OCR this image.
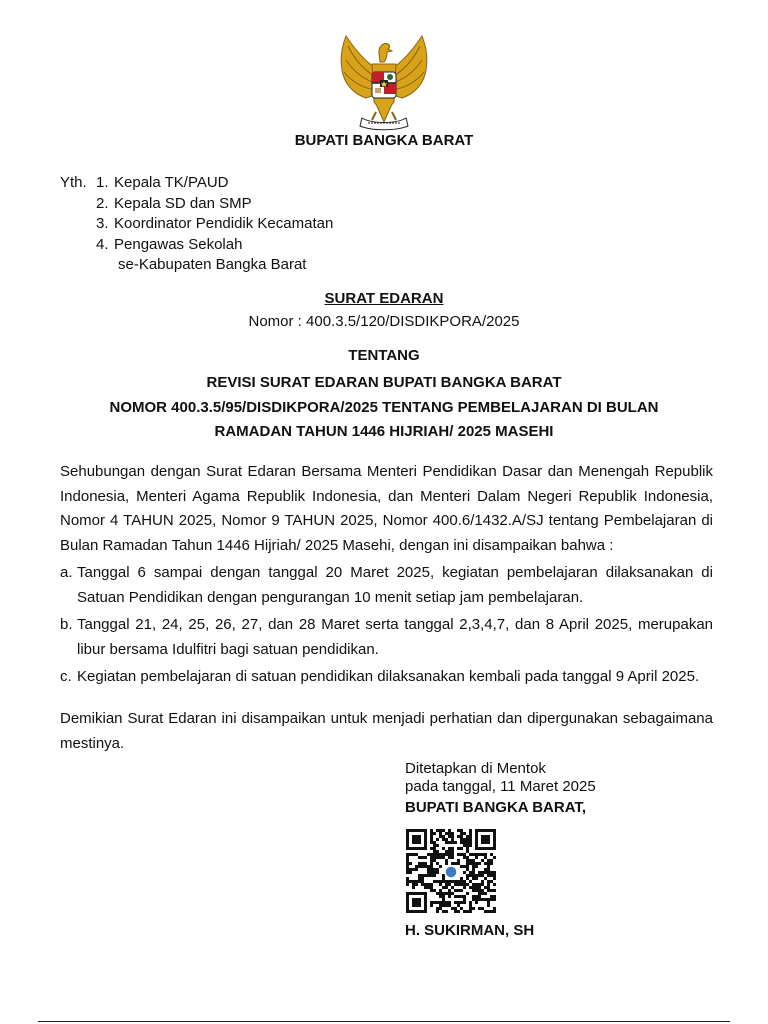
BUPATI BANGKA BARAT
Yth. 1. Kepala TK/PAUD
2. Kepala SD dan SMP
3. Koordinator Pendidik Kecamatan
4. Pengawas Sekolah
se-Kabupaten Bangka Barat
SURAT EDARAN
Nomor : 400.3.5/120/DISDIKPORA/2025
TENTANG
REVISI SURAT EDARAN BUPATI BANGKA BARAT
NOMOR 400.3.5/95/DISDIKPORA/2025 TENTANG PEMBELAJARAN DI BULAN
RAMADAN TAHUN 1446 HIJRIAH/ 2025 MASEHI
Sehubungan dengan Surat Edaran Bersama Menteri Pendidikan Dasar dan Menengah Republik Indonesia, Menteri Agama Republik Indonesia, dan Menteri Dalam Negeri Republik Indonesia, Nomor 4 TAHUN 2025, Nomor 9 TAHUN 2025, Nomor 400.6/1432.A/SJ tentang Pembelajaran di Bulan Ramadan Tahun 1446 Hijriah/ 2025 Masehi, dengan ini disampaikan bahwa :
a. Tanggal 6 sampai dengan tanggal 20 Maret 2025, kegiatan pembelajaran dilaksanakan di Satuan Pendidikan dengan pengurangan 10 menit setiap jam pembelajaran.
b. Tanggal 21, 24, 25, 26, 27, dan 28 Maret serta tanggal 2,3,4,7, dan 8 April 2025, merupakan libur bersama Idulfitri bagi satuan pendidikan.
c. Kegiatan pembelajaran di satuan pendidikan dilaksanakan kembali pada tanggal 9 April 2025.
Demikian Surat Edaran ini disampaikan untuk menjadi perhatian dan dipergunakan sebagaimana mestinya.
Ditetapkan di Mentok
pada tanggal, 11 Maret 2025
BUPATI BANGKA BARAT,
H. SUKIRMAN, SH
